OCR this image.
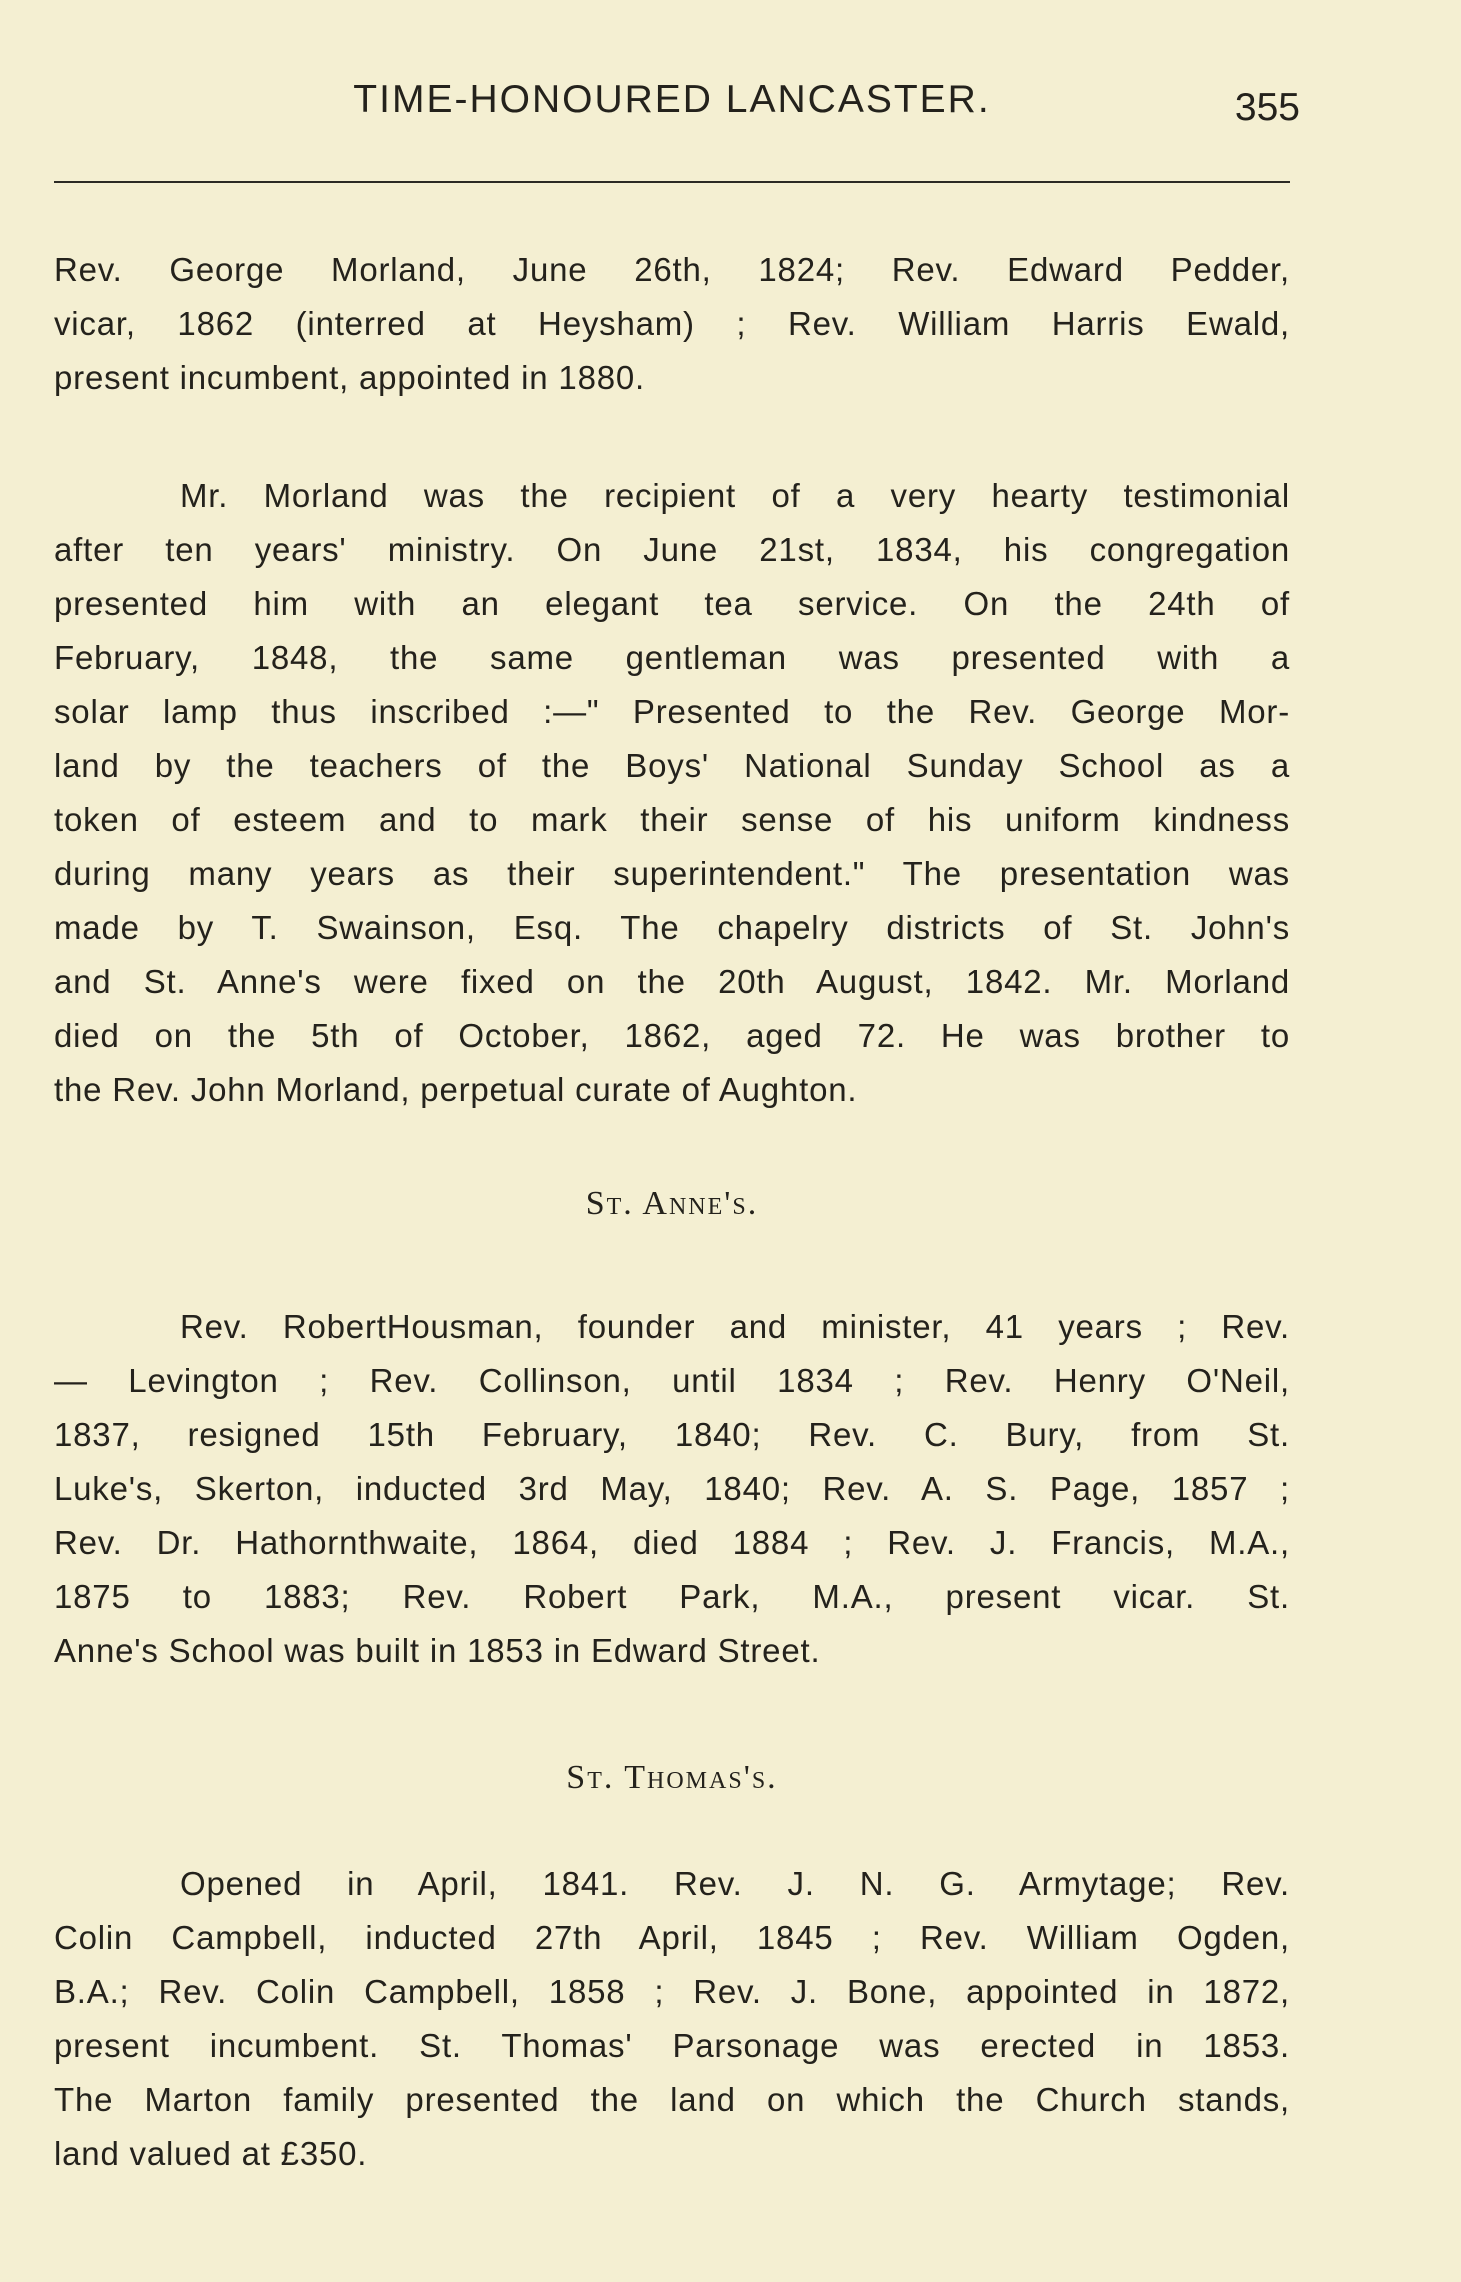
TIME-HONOURED LANCASTER.	355

Rev. George Morland, June 26th, 1824; Rev. Edward Pedder,
vicar, 1862 (interred at Heysham) ; Rev. William Harris Ewald,
present incumbent, appointed in 1880.

Mr. Morland was the recipient of a very hearty testimonial
after ten years' ministry. On June 21st, 1834, his congregation
presented him with an elegant tea service. On the 24th of
February, 1848, the same gentleman was presented with a
solar lamp thus inscribed :—" Presented to the Rev. George Mor-
land by the teachers of the Boys' National Sunday School as a
token of esteem and to mark their sense of his uniform kindness
during many years as their superintendent." The presentation was
made by T. Swainson, Esq. The chapelry districts of St. John's
and St. Anne's were fixed on the 20th August, 1842. Mr. Morland
died on the 5th of October, 1862, aged 72. He was brother to
the Rev. John Morland, perpetual curate of Aughton.

St. Anne's.

Rev. RobertHousman, founder and minister, 41 years ; Rev.
— Levington ; Rev. Collinson, until 1834 ; Rev. Henry O'Neil,
1837, resigned 15th February, 1840; Rev. C. Bury, from St.
Luke's, Skerton, inducted 3rd May, 1840; Rev. A. S. Page, 1857 ;
Rev. Dr. Hathornthwaite, 1864, died 1884 ; Rev. J. Francis, M.A.,
1875 to 1883; Rev. Robert Park, M.A., present vicar. St.
Anne's School was built in 1853 in Edward Street.

St. Thomas's.

Opened in April, 1841. Rev. J. N. G. Armytage; Rev.
Colin Campbell, inducted 27th April, 1845 ; Rev. William Ogden,
B.A.; Rev. Colin Campbell, 1858 ; Rev. J. Bone, appointed in 1872,
present incumbent. St. Thomas' Parsonage was erected in 1853.
The Marton family presented the land on which the Church stands,
land valued at £350.
